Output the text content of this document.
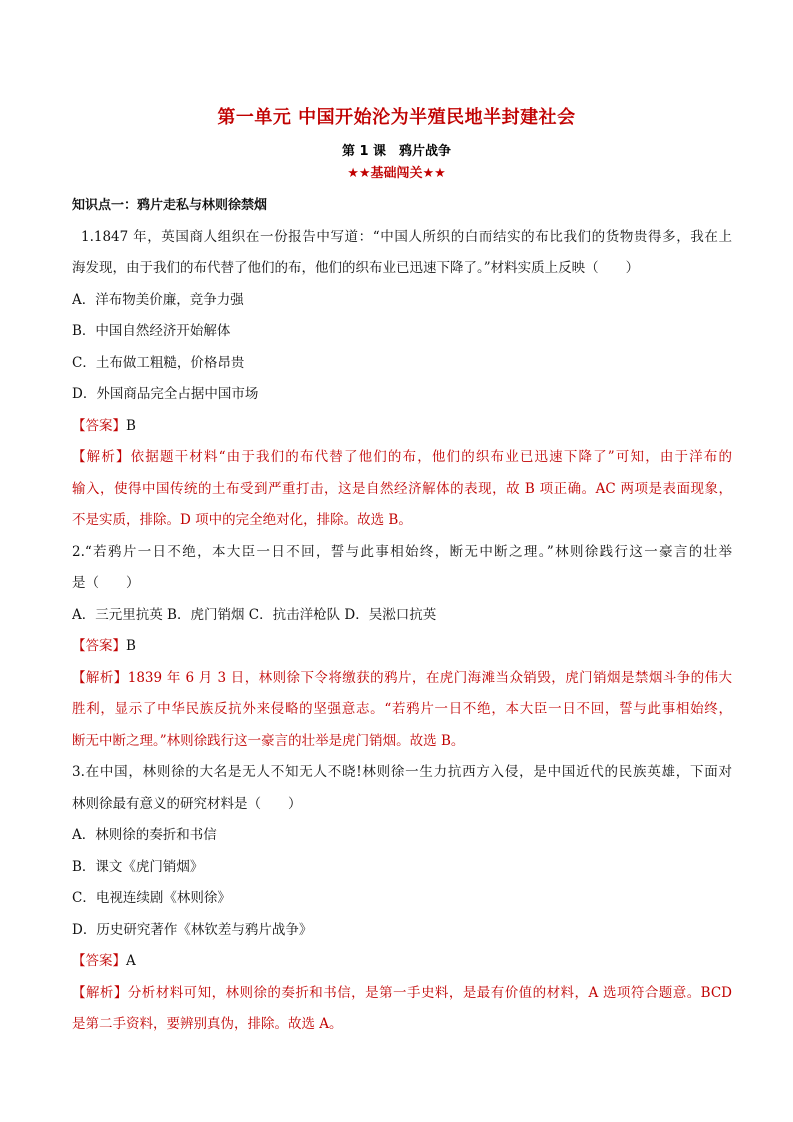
第一单元 中国开始沦为半殖民地半封建社会
第 1 课　鸦片战争
★★基础闯关★★
知识点一：鸦片走私与林则徐禁烟
1.1847 年，英国商人组织在一份报告中写道：“中国人所织的白而结实的布比我们的货物贵得多，我在上
海发现，由于我们的布代替了他们的布，他们的织布业已迅速下降了。”材料实质上反映（　　）
A．洋布物美价廉，竞争力强
B．中国自然经济开始解体
C．土布做工粗糙，价格昂贵
D．外国商品完全占据中国市场
【答案】B
【解析】依据题干材料“由于我们的布代替了他们的布，他们的织布业已迅速下降了”可知，由于洋布的
输入，使得中国传统的土布受到严重打击，这是自然经济解体的表现，故 B 项正确。AC 两项是表面现象，
不是实质，排除。D 项中的完全绝对化，排除。故选 B。
2.“若鸦片一日不绝，本大臣一日不回，誓与此事相始终，断无中断之理。”林则徐践行这一豪言的壮举
是（　　）
A．三元里抗英 B．虎门销烟 C．抗击洋枪队 D．吴淞口抗英
【答案】B
【解析】1839 年 6 月 3 日，林则徐下令将缴获的鸦片，在虎门海滩当众销毁，虎门销烟是禁烟斗争的伟大
胜利，显示了中华民族反抗外来侵略的坚强意志。“若鸦片一日不绝，本大臣一日不回，誓与此事相始终，
断无中断之理。”林则徐践行这一豪言的壮举是虎门销烟。故选 B。
3.在中国，林则徐的大名是无人不知无人不晓!林则徐一生力抗西方入侵，是中国近代的民族英雄，下面对
林则徐最有意义的研究材料是（　　）
A．林则徐的奏折和书信
B．课文《虎门销烟》
C．电视连续剧《林则徐》
D．历史研究著作《林钦差与鸦片战争》
【答案】A
【解析】分析材料可知，林则徐的奏折和书信，是第一手史料，是最有价值的材料，A 选项符合题意。BCD
是第二手资料，要辨别真伪，排除。故选 A。
